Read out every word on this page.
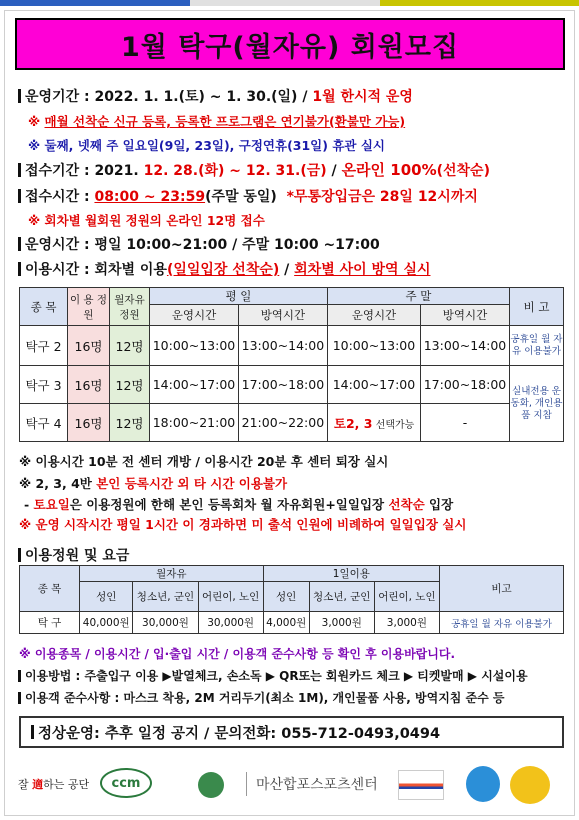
1월 탁구(월자유) 회원모집
운영기간 : 2022. 1. 1.(토) ~ 1. 30.(일) / 1월 한시적 운영
※ 매월 선착순 신규 등록, 등록한 프로그램은 연기불가(환불만 가능)
※ 둘째, 넷째 주 일요일(9일, 23일), 구정연휴(31일) 휴관 실시
접수기간 : 2021. 12. 28.(화) ~ 12. 31.(금) / 온라인 100%(선착순)
접수시간 : 08:00 ~ 23:59(주말 동일) *무통장입금은 28일 12시까지
※ 회차별 월회원 정원의 온라인 12명 접수
운영시간 : 평일 10:00~21:00 / 주말 10:00 ~17:00
이용시간 : 회차별 이용(일일입장 선착순) / 회차별 사이 방역 실시
종 목	이 용 정 원	월자유 정원	평 일		주 말		비 고
			운영시간	방역시간	운영시간	방역시간	
탁구 2	16명	12명	10:00~13:00	13:00~14:00	10:00~13:00	13:00~14:00	공휴일 월 자유 이용불가
탁구 3	16명	12명	14:00~17:00	17:00~18:00	14:00~17:00	17:00~18:00	실내전용 운동화, 개인용품 지참
탁구 4	16명	12명	18:00~21:00	21:00~22:00	토2, 3 선택가능	-	
※ 이용시간 10분 전 센터 개방 / 이용시간 20분 후 센터 퇴장 실시
※ 2, 3, 4반 본인 등록시간 외 타 시간 이용불가
- 토요일은 이용정원에 한해 본인 등록회차 월 자유회원+일일입장 선착순 입장
※ 운영 시작시간 평일 1시간 이 경과하면 미 출석 인원에 비례하여 일일입장 실시
이용정원 및 요금
종 목	월자유			1일이용			비고
	성인	청소년, 군인	어린이, 노인	성인	청소년, 군인	어린이, 노인	
탁 구	40,000원	30,000원	30,000원	4,000원	3,000원	3,000원	공휴일 월 자유 이용불가
※ 이용종목 / 이용시간 / 입·출입 시간 / 이용객 준수사항 등 확인 후 이용바랍니다.
이용방법 : 주출입구 이용 ▶발열체크, 손소독 ▶ QR또는 회원카드 체크 ▶ 티켓발매 ▶ 시설이용
이용객 준수사항 : 마스크 착용, 2M 거리두기(최소 1M), 개인물품 사용, 방역지침 준수 등
정상운영: 추후 일정 공지 / 문의전화: 055-712-0493,0494
잘 適하는 공단 ccm	마산합포스포츠센터
